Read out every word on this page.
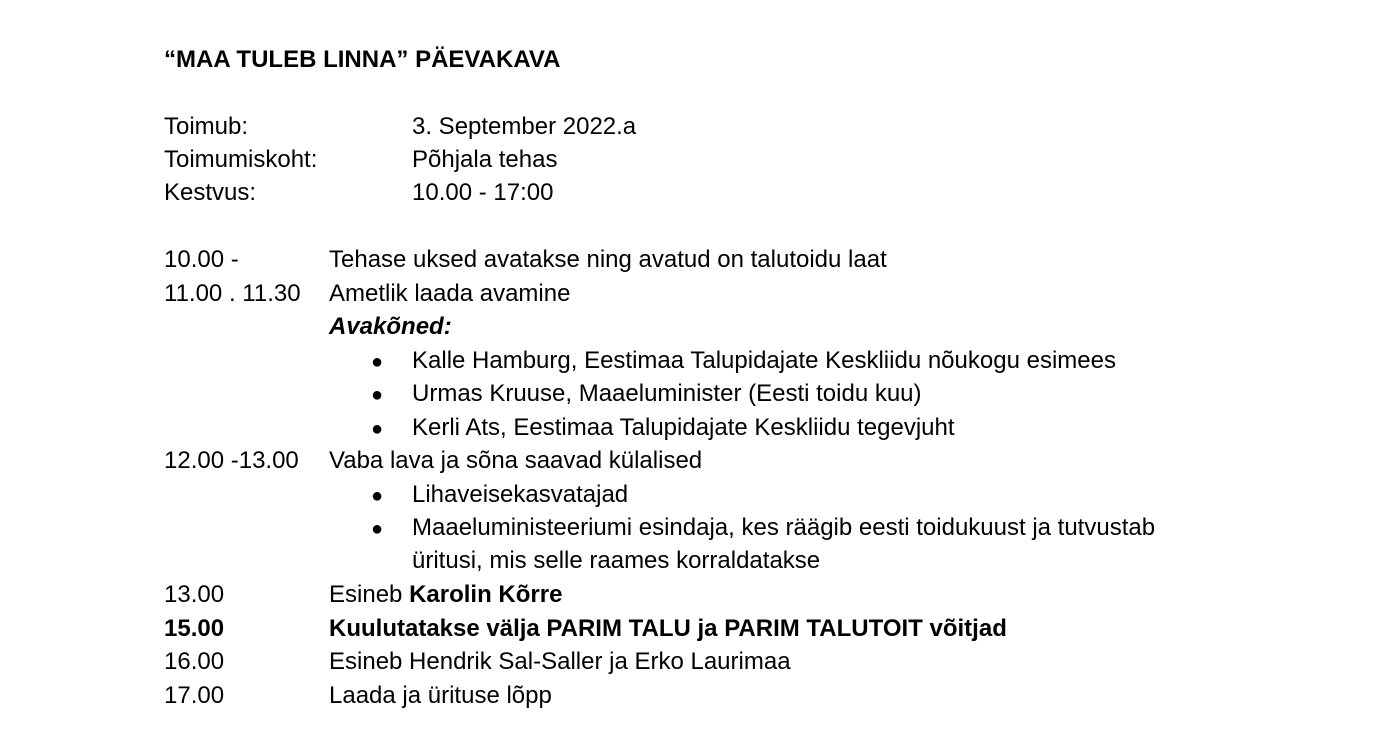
“MAA TULEB LINNA” PÄEVAKAVA
Toimub:	3. September 2022.a
Toimumiskoht:	Põhjala tehas
Kestvus:	10.00 - 17:00
10.00 -	Tehase uksed avatakse ning avatud on talutoidu laat
11.00 . 11.30 Ametlik laada avamine
Avakõned:
● Kalle Hamburg, Eestimaa Talupidajate Keskliidu nõukogu esimees
● Urmas Kruuse, Maaeluminister (Eesti toidu kuu)
● Kerli Ats, Eestimaa Talupidajate Keskliidu tegevjuht
12.00 -13.00 Vaba lava ja sõna saavad külalised
● Lihaveisekasvatajad
● Maaeluministeeriumi esindaja, kes räägib eesti toidukuust ja tutvustab
üritusi, mis selle raames korraldatakse
13.00	Esineb Karolin Kõrre
15.00	Kuulutatakse välja PARIM TALU ja PARIM TALUTOIT võitjad
16.00	Esineb Hendrik Sal-Saller ja Erko Laurimaa
17.00	Laada ja ürituse lõpp
